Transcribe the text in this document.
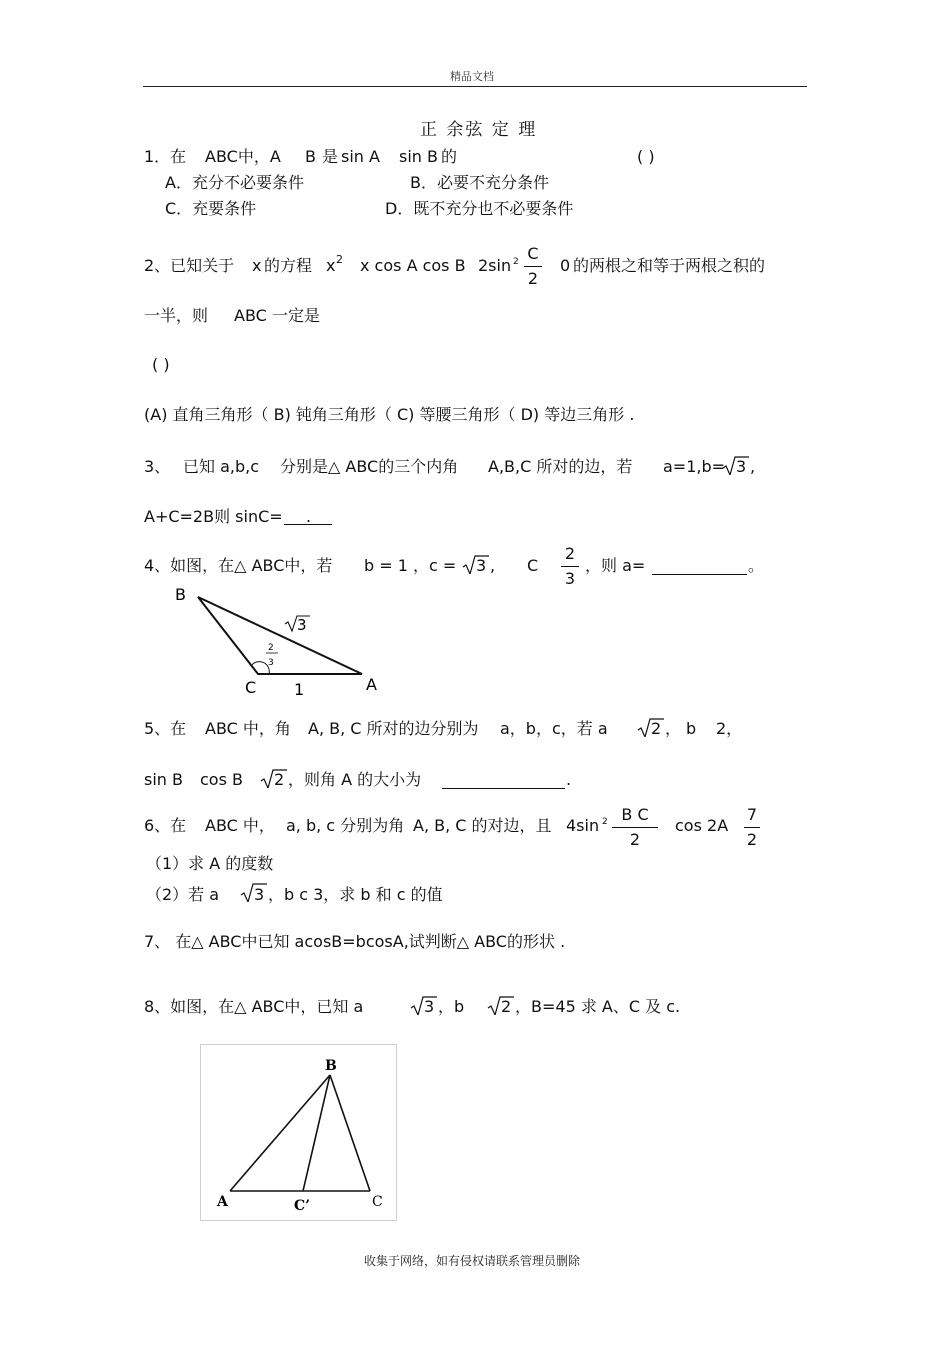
精品文档
正 余弦 定 理
1．在 ABC中，A B 是 sin A sin B 的	( )
A．充分不必要条件	B．必要不充分条件
C．充要条件	D．既不充分也不必要条件
2、已知关于 x 的方程 x 2 x cos A cos B 2sin 2 C
2
0 的两根之和等于两根之积的
一半，则 ABC 一定是
( )
(A) 直角三角形（ B) 钝角三角形（ C) 等腰三角形（ D) 等边三角形 .
3、 已知 a,b,c 分别是△ ABC的三个内角 A,B,C 所对的边，若 a=1,b= 3 ,
A+C=2B则 sinC= .
4、如图，在△ ABC中，若 b = 1 ，c = 3 , C
2
3
，则 a=	。
B
C	A
3
1
2
3
5、在 ABC 中，角 A, B, C 所对的边分别为 a，b，c，若 a	2 ， b 2，
sin B cos B 2 ，则角 A 的大小为	.
6、在 ABC 中， a, b, c 分别为角 A, B, C 的对边，且 4sin 2 B C
2
cos 2A
7
2
（1）求 A 的度数
（2）若 a 3 ，b c 3，求 b 和 c 的值
7、 在△ ABC中已知 acosB=bcosA,试判断△ ABC的形状 .
8、如图，在△ ABC中，已知 a	3 ，b 2 ，B=45 求 A、C 及 c.
B
A	C’	C
收集于网络，如有侵权请联系管理员删除
